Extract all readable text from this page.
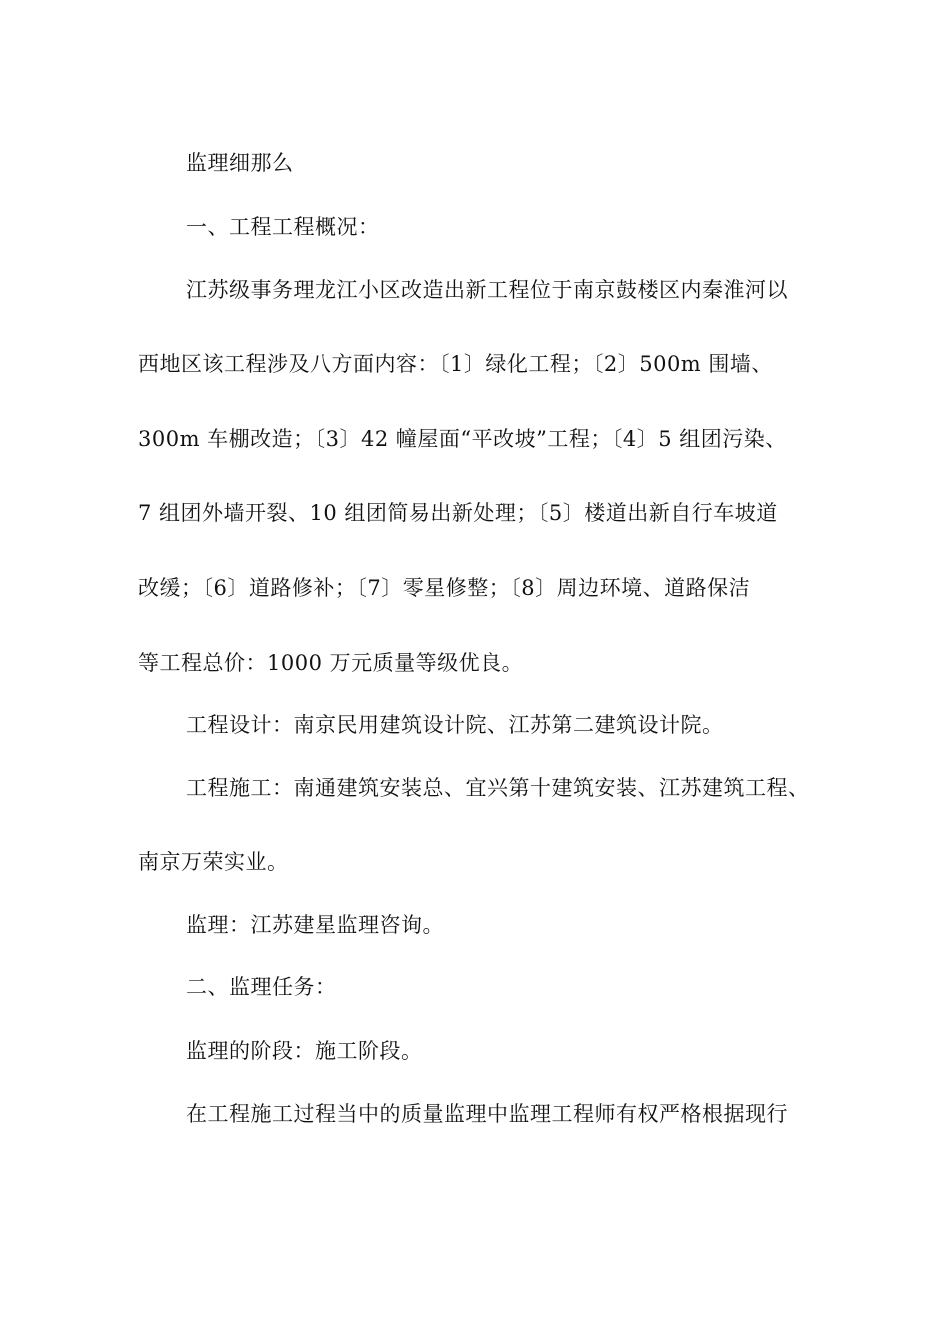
监理细那么
一、工程工程概况：
江苏级事务理龙江小区改造出新工程位于南京鼓楼区内秦淮河以
西地区该工程涉及八方面内容：〔1〕绿化工程；〔2〕500m 围墙、
300m 车棚改造；〔3〕42 幢屋面“平改坡”工程；〔4〕5 组团污染、
7 组团外墙开裂、10 组团简易出新处理；〔5〕楼道出新自行车坡道
改缓；〔6〕道路修补；〔7〕零星修整；〔8〕周边环境、道路保洁
等工程总价：1000 万元质量等级优良。
工程设计：南京民用建筑设计院、江苏第二建筑设计院。
工程施工：南通建筑安装总、宜兴第十建筑安装、江苏建筑工程、
南京万荣实业。
监理：江苏建星监理咨询。
二、监理任务：
监理的阶段：施工阶段。
在工程施工过程当中的质量监理中监理工程师有权严格根据现行
